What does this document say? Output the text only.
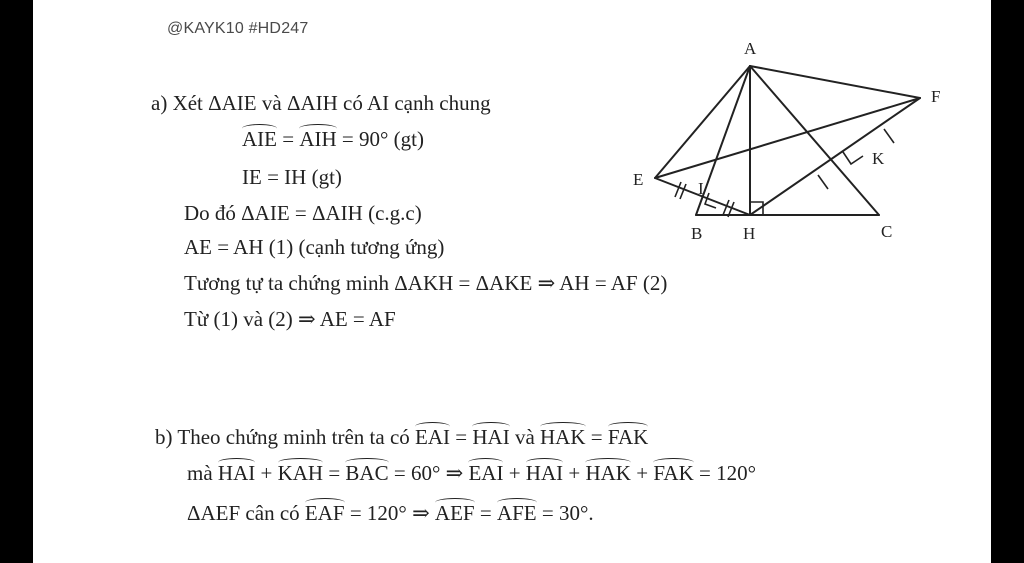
@KAYK10 #HD247
a) Xét ΔAIE và ΔAIH có AI cạnh chung
AIE = AIH = 90° (gt)
IE = IH (gt)
Do đó ΔAIE = ΔAIH (c.g.c)
AE = AH (1) (cạnh tương ứng)
Tương tự ta chứng minh ΔAKH = ΔAKE ⇒ AH = AF (2)
Từ (1) và (2) ⇒ AE = AF
b) Theo chứng minh trên ta có EAI = HAI và HAK = FAK
mà HAI + KAH = BAC = 60° ⇒ EAI + HAI + HAK + FAK = 120°
ΔAEF cân có EAF = 120° ⇒ AEF = AFE = 30°.
A
B	C
E
F
H
I
K
